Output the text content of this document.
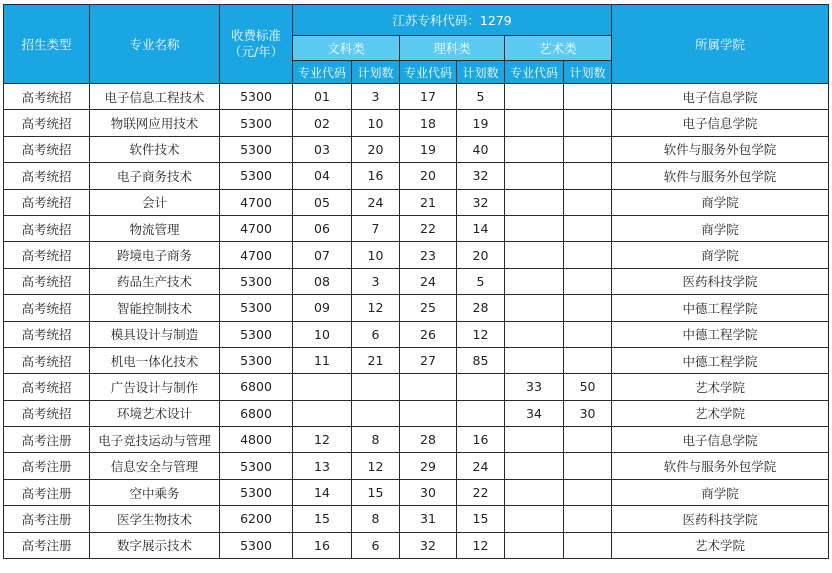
招生类型	专业名称	收费标准
（元/年）	江苏专科代码：1279						所属学院
			文科类		理科类		艺术类		
			专业代码	计划数	专业代码	计划数	专业代码	计划数	
高考统招	电子信息工程技术	5300	01	3	17	5			电子信息学院
高考统招	物联网应用技术	5300	02	10	18	19			电子信息学院
高考统招	软件技术	5300	03	20	19	40			软件与服务外包学院
高考统招	电子商务技术	5300	04	16	20	32			软件与服务外包学院
高考统招	会计	4700	05	24	21	32			商学院
高考统招	物流管理	4700	06	7	22	14			商学院
高考统招	跨境电子商务	4700	07	10	23	20			商学院
高考统招	药品生产技术	5300	08	3	24	5			医药科技学院
高考统招	智能控制技术	5300	09	12	25	28			中德工程学院
高考统招	模具设计与制造	5300	10	6	26	12			中德工程学院
高考统招	机电一体化技术	5300	11	21	27	85			中德工程学院
高考统招	广告设计与制作	6800					33	50	艺术学院
高考统招	环境艺术设计	6800					34	30	艺术学院
高考注册	电子竞技运动与管理	4800	12	8	28	16			电子信息学院
高考注册	信息安全与管理	5300	13	12	29	24			软件与服务外包学院
高考注册	空中乘务	5300	14	15	30	22			商学院
高考注册	医学生物技术	6200	15	8	31	15			医药科技学院
高考注册	数字展示技术	5300	16	6	32	12			艺术学院
